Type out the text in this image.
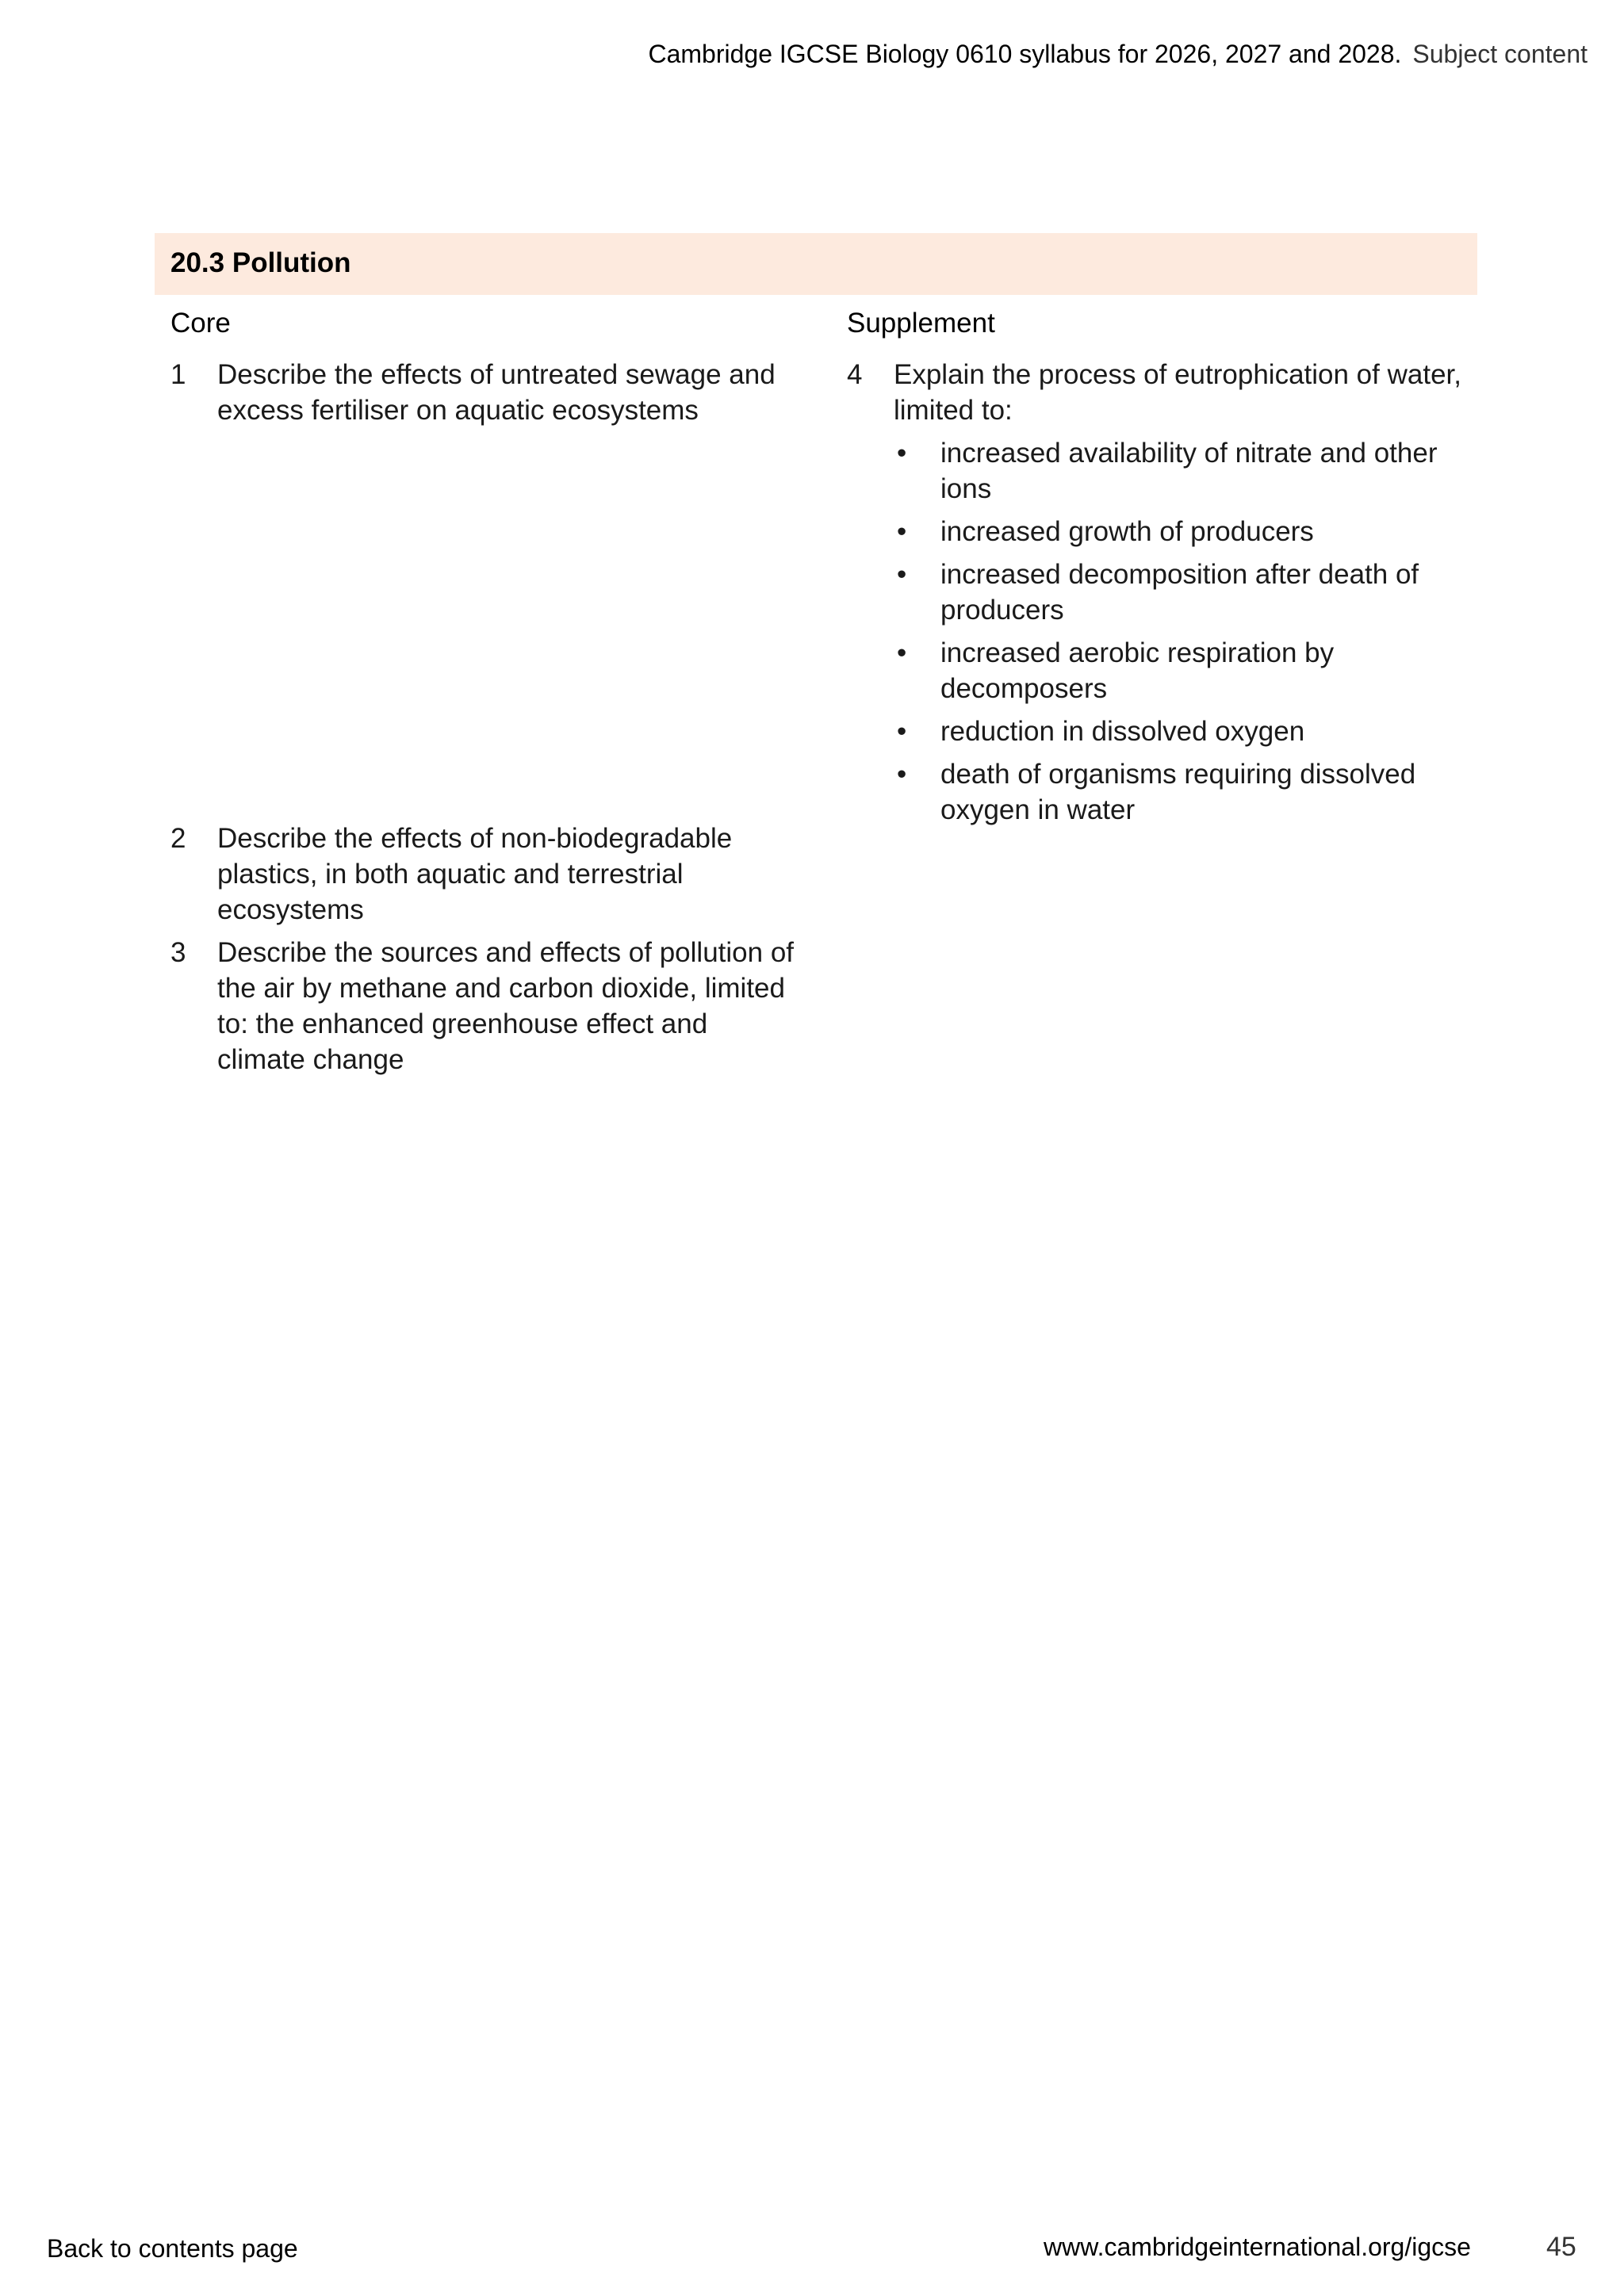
Cambridge IGCSE Biology 0610 syllabus for 2026, 2027 and 2028. Subject content
20.3 Pollution
Core
1 Describe the effects of untreated sewage and excess fertiliser on aquatic ecosystems
2 Describe the effects of non-biodegradable plastics, in both aquatic and terrestrial ecosystems
3 Describe the sources and effects of pollution of the air by methane and carbon dioxide, limited to: the enhanced greenhouse effect and climate change
Supplement
4 Explain the process of eutrophication of water, limited to:
• increased availability of nitrate and other ions
• increased growth of producers
• increased decomposition after death of producers
• increased aerobic respiration by decomposers
• reduction in dissolved oxygen
• death of organisms requiring dissolved oxygen in water
Back to contents page	www.cambridgeinternational.org/igcse	45
